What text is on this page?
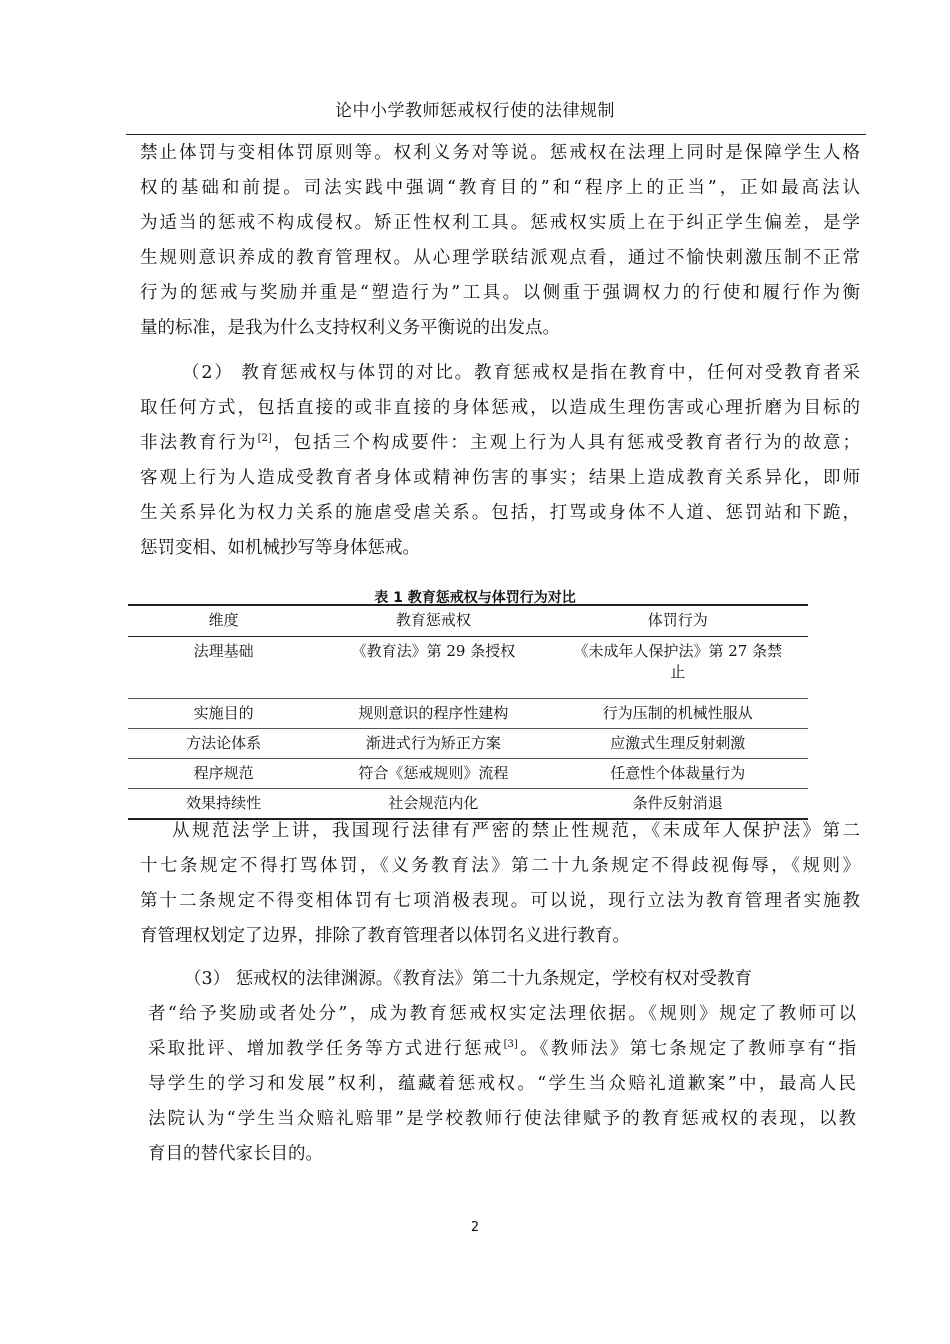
论中小学教师惩戒权行使的法律规制
禁止体罚与变相体罚原则等。权利义务对等说。惩戒权在法理上同时是保障学生人格
权的基础和前提。司法实践中强调“教育目的”和“程序上的正当”，正如最高法认
为适当的惩戒不构成侵权。矫正性权利工具。惩戒权实质上在于纠正学生偏差，是学
生规则意识养成的教育管理权。从心理学联结派观点看，通过不愉快刺激压制不正常
行为的惩戒与奖励并重是“塑造行为”工具。以侧重于强调权力的行使和履行作为衡
量的标准，是我为什么支持权利义务平衡说的出发点。
（2） 教育惩戒权与体罚的对比。教育惩戒权是指在教育中，任何对受教育者采
取任何方式，包括直接的或非直接的身体惩戒，以造成生理伤害或心理折磨为目标的
非法教育行为[2]，包括三个构成要件：主观上行为人具有惩戒受教育者行为的故意；
客观上行为人造成受教育者身体或精神伤害的事实；结果上造成教育关系异化，即师
生关系异化为权力关系的施虐受虐关系。包括，打骂或身体不人道、惩罚站和下跪，
惩罚变相、如机械抄写等身体惩戒。
表 1 教育惩戒权与体罚行为对比
维度	教育惩戒权	体罚行为
法理基础	《教育法》第 29 条授权	《未成年人保护法》第 27 条禁止
实施目的	规则意识的程序性建构	行为压制的机械性服从
方法论体系	渐进式行为矫正方案	应激式生理反射刺激
程序规范	符合《惩戒规则》流程	任意性个体裁量行为
效果持续性	社会规范内化	条件反射消退
从规范法学上讲，我国现行法律有严密的禁止性规范，《未成年人保护法》第二
十七条规定不得打骂体罚，《义务教育法》第二十九条规定不得歧视侮辱，《规则》
第十二条规定不得变相体罚有七项消极表现。可以说，现行立法为教育管理者实施教
育管理权划定了边界，排除了教育管理者以体罚名义进行教育。
（3） 惩戒权的法律渊源。《教育法》第二十九条规定，学校有权对受教育
者“给予奖励或者处分”，成为教育惩戒权实定法理依据。《规则》规定了教师可以
采取批评、增加教学任务等方式进行惩戒[3]。《教师法》第七条规定了教师享有“指
导学生的学习和发展”权利，蕴藏着惩戒权。“学生当众赔礼道歉案”中，最高人民
法院认为“学生当众赔礼赔罪”是学校教师行使法律赋予的教育惩戒权的表现，以教
育目的替代家长目的。
2
